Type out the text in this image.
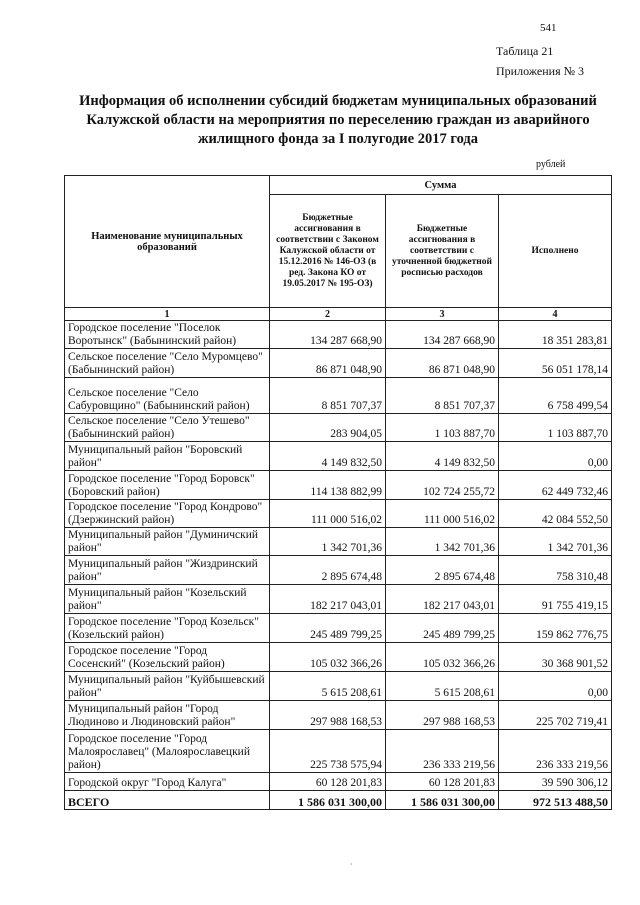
541
Таблица 21
Приложения № 3
Информация об исполнении субсидий бюджетам муниципальных образований Калужской области на мероприятия по переселению граждан из аварийного жилищного фонда за I полугодие 2017 года
рублей
Наименование муниципальных образований	Сумма		
	Бюджетные ассигнования в соответствии с Законом Калужской области от 15.12.2016 № 146-ОЗ (в ред. Закона КО от 19.05.2017 № 195-ОЗ)	Бюджетные ассигнования в соответствии с уточненной бюджетной росписью расходов	Исполнено
1	2	3	4
Городское поселение "Поселок Воротынск" (Бабынинский район)	134 287 668,90	134 287 668,90	18 351 283,81
Сельское поселение "Село Муромцево" (Бабынинский район)	86 871 048,90	86 871 048,90	56 051 178,14
Сельское поселение "Село Сабуровщино" (Бабынинский район)	8 851 707,37	8 851 707,37	6 758 499,54
Сельское поселение "Село Утешево" (Бабынинский район)	283 904,05	1 103 887,70	1 103 887,70
Муниципальный район "Боровский район"	4 149 832,50	4 149 832,50	0,00
Городское поселение "Город Боровск" (Боровский район)	114 138 882,99	102 724 255,72	62 449 732,46
Городское поселение "Город Кондрово" (Дзержинский район)	111 000 516,02	111 000 516,02	42 084 552,50
Муниципальный район "Думиничский район"	1 342 701,36	1 342 701,36	1 342 701,36
Муниципальный район "Жиздринский район"	2 895 674,48	2 895 674,48	758 310,48
Муниципальный район "Козельский район"	182 217 043,01	182 217 043,01	91 755 419,15
Городское поселение "Город Козельск" (Козельский район)	245 489 799,25	245 489 799,25	159 862 776,75
Городское поселение "Город Сосенский" (Козельский район)	105 032 366,26	105 032 366,26	30 368 901,52
Муниципальный район "Куйбышевский район"	5 615 208,61	5 615 208,61	0,00
Муниципальный район "Город Людиново и Людиновский район"	297 988 168,53	297 988 168,53	225 702 719,41
Городское поселение "Город Малоярославец" (Малоярославецкий район)	225 738 575,94	236 333 219,56	236 333 219,56
Городской округ "Город Калуга"	60 128 201,83	60 128 201,83	39 590 306,12
ВСЕГО	1 586 031 300,00	1 586 031 300,00	972 513 488,50
·
